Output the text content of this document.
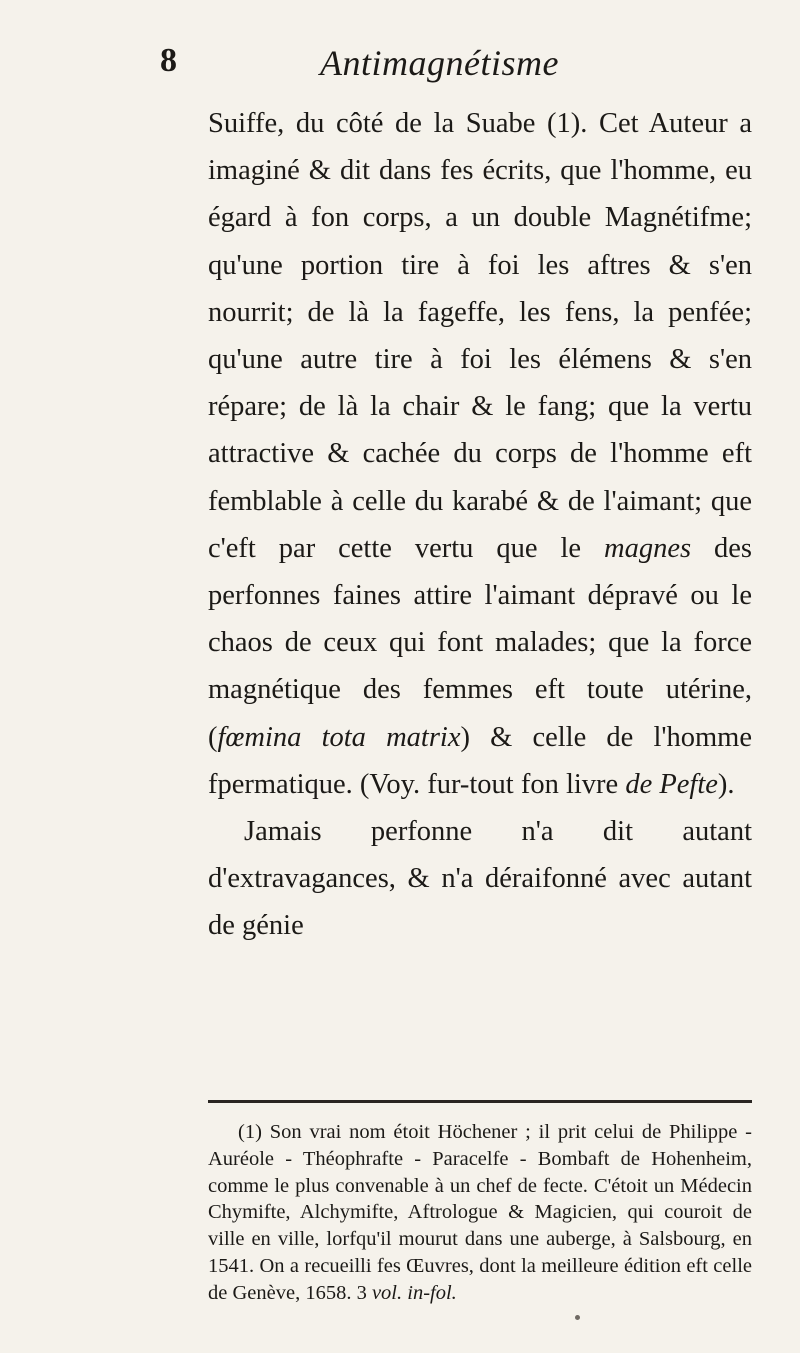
8	Antimagnétisme

Suiffe, du côté de la Suabe (1). Cet Auteur a imaginé & dit dans fes écrits, que l'homme, eu égard à fon corps, a un double Magnétifme; qu'une portion tire à foi les aftres & s'en nourrit; de là la fageffe, les fens, la penfée; qu'une autre tire à foi les élémens & s'en répare; de là la chair & le fang; que la vertu attractive & cachée du corps de l'homme eft femblable à celle du karabé & de l'aimant; que c'eft par cette vertu que le magnes des perfonnes faines attire l'aimant dépravé ou le chaos de ceux qui font malades; que la force magnétique des femmes eft toute utérine, (fœmina tota matrix) & celle de l'homme fpermatique. (Voy. fur-tout fon livre de Pefte).

Jamais perfonne n'a dit autant d'extravagances, & n'a déraifonné avec autant de génie

(1) Son vrai nom étoit Höchener ; il prit celui de Philippe - Auréole - Théophrafte - Paracelfe - Bombaft de Hohenheim, comme le plus convenable à un chef de fecte. C'étoit un Médecin Chymifte, Alchymifte, Aftrologue & Magicien, qui couroit de ville en ville, lorfqu'il mourut dans une auberge, à Salsbourg, en 1541. On a recueilli fes Œuvres, dont la meilleure édition eft celle de Genève, 1658. 3 vol. in-fol.
